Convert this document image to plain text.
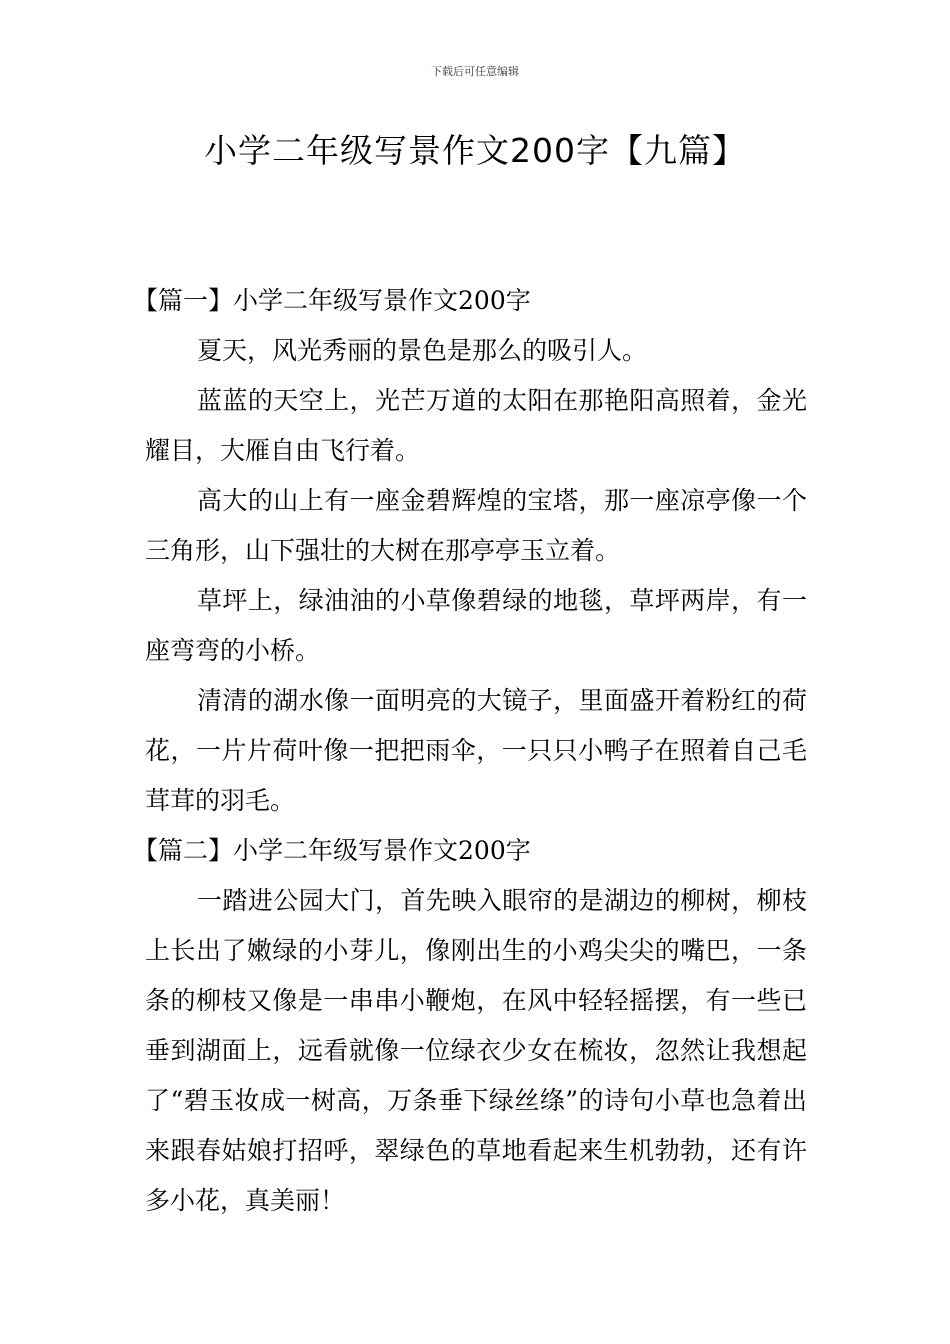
下载后可任意编辑
小学二年级写景作文200字【九篇】
【篇一】小学二年级写景作文200字

夏天，风光秀丽的景色是那么的吸引人。

蓝蓝的天空上，光芒万道的太阳在那艳阳高照着，金光耀目，大雁自由飞行着。

高大的山上有一座金碧辉煌的宝塔，那一座凉亭像一个三角形，山下强壮的大树在那亭亭玉立着。

草坪上，绿油油的小草像碧绿的地毯，草坪两岸，有一座弯弯的小桥。

清清的湖水像一面明亮的大镜子，里面盛开着粉红的荷花，一片片荷叶像一把把雨伞，一只只小鸭子在照着自己毛茸茸的羽毛。

【篇二】小学二年级写景作文200字

一踏进公园大门，首先映入眼帘的是湖边的柳树，柳枝上长出了嫩绿的小芽儿，像刚出生的小鸡尖尖的嘴巴，一条条的柳枝又像是一串串小鞭炮，在风中轻轻摇摆，有一些已垂到湖面上，远看就像一位绿衣少女在梳妆，忽然让我想起了“碧玉妆成一树高，万条垂下绿丝绦”的诗句小草也急着出来跟春姑娘打招呼，翠绿色的草地看起来生机勃勃，还有许多小花，真美丽！
